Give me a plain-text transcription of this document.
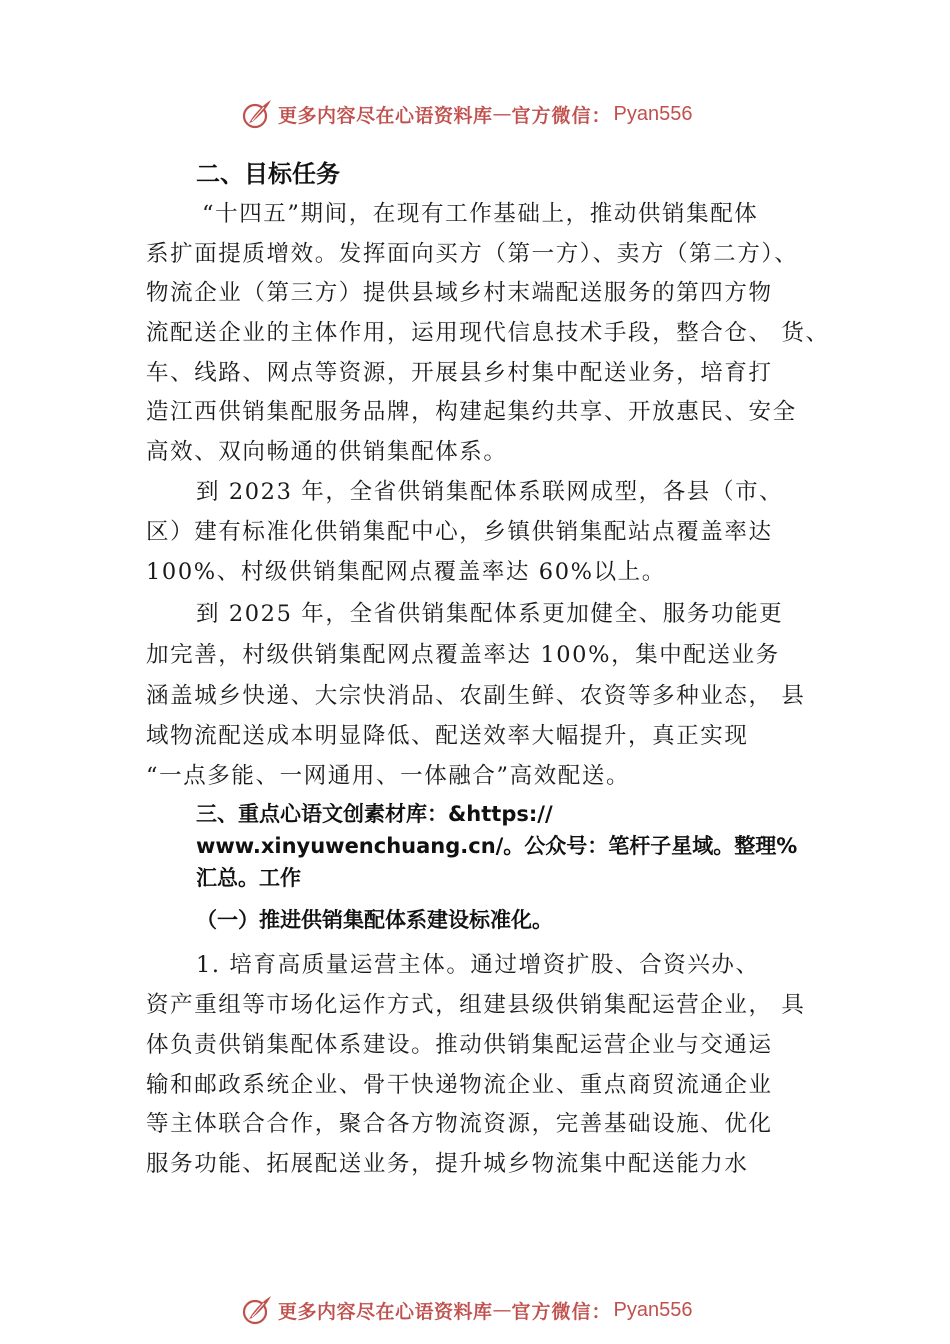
更多内容尽在心语资料库 — 官方微信： Pyan556
二、目标任务
“十四五”期间，在现有工作基础上，推动供销集配体
系扩面提质增效。发挥面向买方（第一方）、卖方（第二方）、
物流企业（第三方）提供县域乡村末端配送服务的第四方物
流配送企业的主体作用，运用现代信息技术手段，整合仓、 货、
车、线路、网点等资源，开展县乡村集中配送业务，培育打
造江西供销集配服务品牌，构建起集约共享、开放惠民、安全
高效、双向畅通的供销集配体系。
到 2023 年，全省供销集配体系联网成型，各县（市、
区）建有标准化供销集配中心，乡镇供销集配站点覆盖率达
100%、村级供销集配网点覆盖率达 60%以上。
到 2025 年，全省供销集配体系更加健全、服务功能更
加完善，村级供销集配网点覆盖率达 100%，集中配送业务
涵盖城乡快递、大宗快消品、农副生鲜、农资等多种业态， 县
域物流配送成本明显降低、配送效率大幅提升，真正实现
“一点多能、一网通用、一体融合”高效配送。
三、重点心语文创素材库：&https://
www.xinyuwenchuang.cn/。公众号：笔杆子星域。整理%
汇总。工作
（一）推进供销集配体系建设标准化。
1. 培育高质量运营主体。通过增资扩股、合资兴办、
资产重组等市场化运作方式，组建县级供销集配运营企业， 具
体负责供销集配体系建设。推动供销集配运营企业与交通运
输和邮政系统企业、骨干快递物流企业、重点商贸流通企业
等主体联合合作，聚合各方物流资源，完善基础设施、优化
服务功能、拓展配送业务，提升城乡物流集中配送能力水
更多内容尽在心语资料库 — 官方微信： Pyan556
